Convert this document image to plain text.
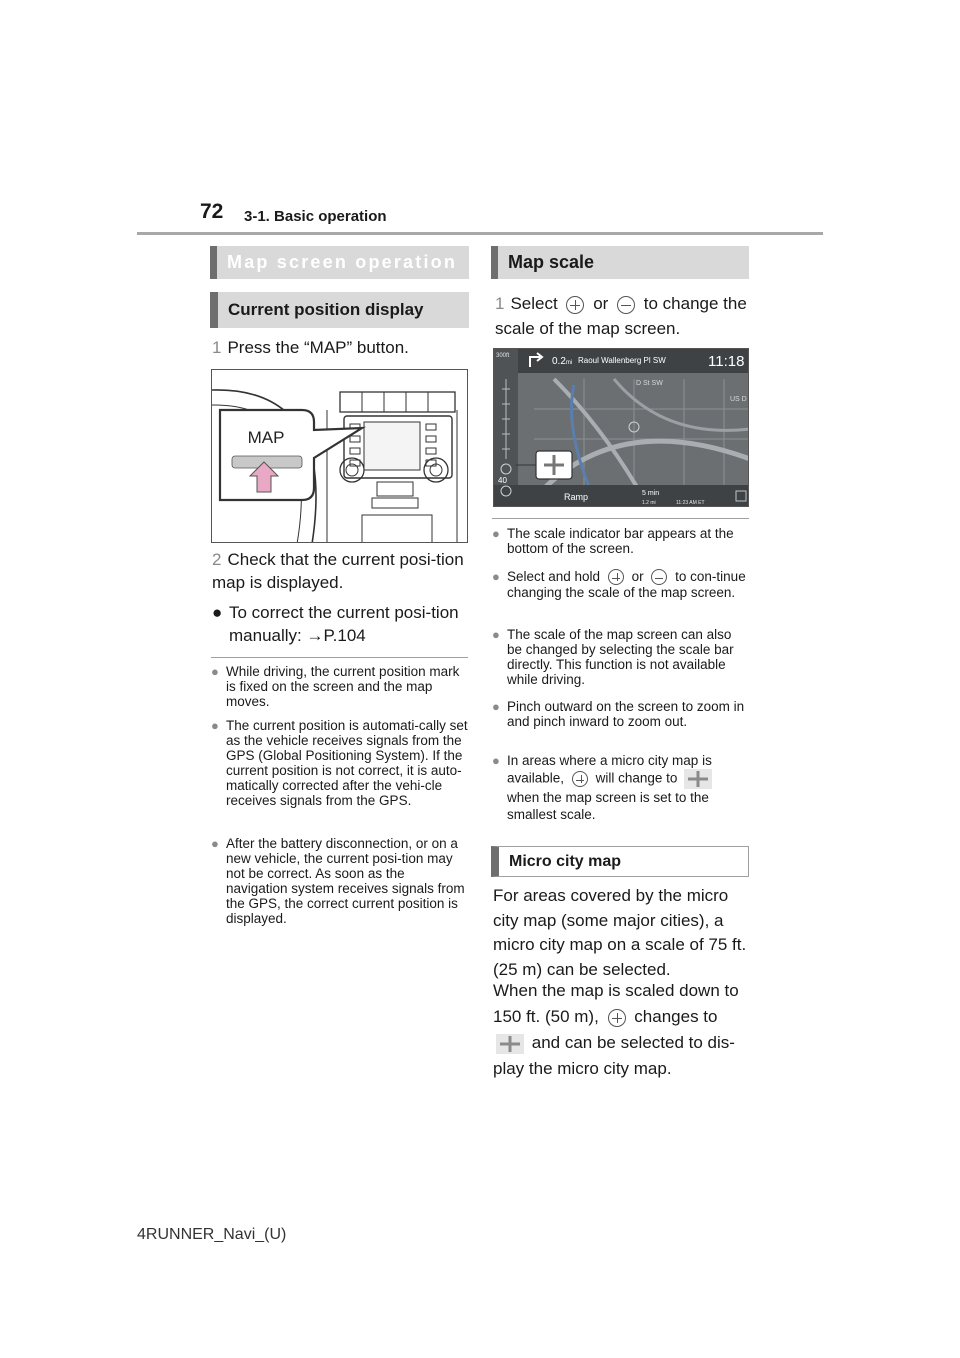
72 3-1. Basic operation
Map screen operation
Current position display
1 Press the “MAP” button.
MAP
2 Check that the current posi-tion map is displayed.
● To correct the current posi-tion manually: →P.104
● While driving, the current position mark is fixed on the screen and the map moves.
● The current position is automati-cally set as the vehicle receives signals from the GPS (Global Positioning System). If the current position is not correct, it is auto-matically corrected after the vehi-cle receives signals from the GPS.
● After the battery disconnection, or on a new vehicle, the current posi-tion may not be correct. As soon as the navigation system receives signals from the GPS, the correct current position is displayed.
Map scale
1 Select or to change the scale of the map screen.
300ft	0.2mi Raoul Wallenberg Pl SW	11:18
D St SW
US D
Ramp	5 min
1.2 mi	11:23 AM ET
40
● The scale indicator bar appears at the bottom of the screen.
● Select and hold or to con-tinue changing the scale of the map screen.
● The scale of the map screen can also be changed by selecting the scale bar directly. This function is not available while driving.
● Pinch outward on the screen to zoom in and pinch inward to zoom out.
● In areas where a micro city map is available, will change to  when the map screen is set to the smallest scale.
Micro city map
For areas covered by the micro city map (some major cities), a micro city map on a scale of 75 ft. (25 m) can be selected.
When the map is scaled down to 150 ft. (50 m), changes to  and can be selected to dis-play the micro city map.
4RUNNER_Navi_(U)
